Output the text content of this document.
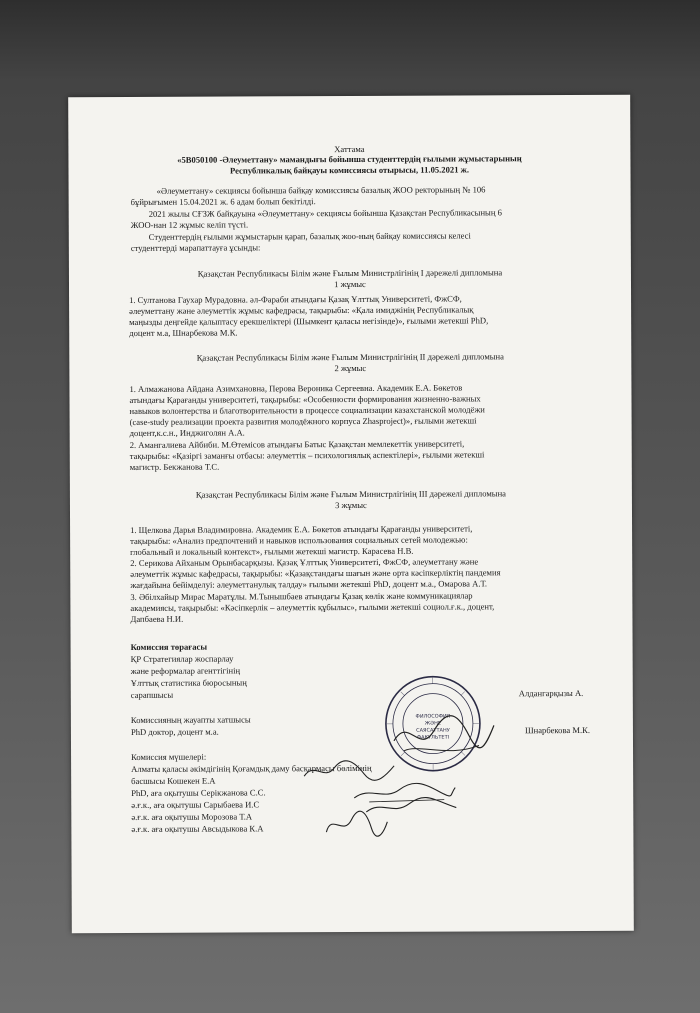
Хаттама
«5В050100 -Әлеуметтану» мамандығы бойынша студенттердің ғылыми жұмыстарының
Республикалық байқауы комиссиясы отырысы, 11.05.2021 ж.
«Әлеуметтану» секциясы бойынша байқау комиссиясы базалық ЖОО ректорының № 106
бұйрығымен 15.04.2021 ж. 6 адам болып бекітілді.
2021 жылы СҒЗЖ байқауына «Әлеуметтану» секциясы бойынша Қазақстан Республикасының 6
ЖОО-нан 12 жұмыс келіп түсті.
Студенттердің ғылыми жұмыстарын қарап, базалық жоо-ның байқау комиссиясы келесі
студенттерді марапаттауға ұсынды:
Қазақстан Республикасы Білім және Ғылым Министрлігінің I дәрежелі дипломына
1 жұмыс
1. Султанова Гаухар Мурадовна. әл-Фараби атындағы Қазақ Ұлттық Университеті, ФжСФ,
әлеуметтану және әлеуметтік жұмыс кафедрасы, тақырыбы: «Қала имиджінің Республикалық
маңызды деңгейде қалыптасу ерекшеліктері (Шымкент қаласы негізінде)», ғылыми жетекші PhD,
доцент м.а, Шнарбекова М.К.
Қазақстан Республикасы Білім және Ғылым Министрлігінің II дәрежелі дипломына
2 жұмыс
1. Алмажанова Айдана Азимхановна, Перова Вероника Сергеевна. Академик Е.А. Бөкетов
атындағы Қарағанды университеті, тақырыбы: «Особенности формирования жизненно-важных
навыков волонтерства и благотворительности в процессе социализации казахстанской молодёжи
(case-study реализации проекта развития молодёжного корпуса Zhasproject)», ғылыми жетекші
доцент,к.с.н., Инджиголян А.А.
2. Амангалиева Айбиби. М.Өтемісов атындағы Батыс Қазақстан мемлекеттік университеті,
тақырыбы: «Қазіргі заманғы отбасы: әлеуметтік – психологиялық аспектілері», ғылыми жетекші
магистр. Бекжанова Т.С.
Қазақстан Республикасы Білім және Ғылым Министрлігінің III дәрежелі дипломына
3 жұмыс
1. Щелкова Дарья Владимировна. Академик Е.А. Бөкетов атындағы Қарағанды университеті,
тақырыбы: «Анализ предпочтений и навыков использования социальных сетей молодежью:
глобальный и локальный контекст», ғылыми жетекші магистр. Карасева Н.В.
2. Серикова Айханым Орынбасарқызы. Қазақ Ұлттық Университеті, ФжСФ, әлеуметтану және
әлеуметтік жұмыс кафедрасы, тақырыбы: «Қазақстандағы шағын және орта кәсіпкерліктің пандемия
жағдайына бейімделуі: әлеуметтанулық талдау» ғылыми жетекші PhD, доцент м.а., Омарова А.Т.
3. Әбілхайыр Мирас Маратұлы. М.Тынышбаев атындағы Қазақ көлік және коммуникациялар
академиясы, тақырыбы: «Кәсіпкерлік – әлеуметтік құбылыс», ғылыми жетекші социол.ғ.к., доцент,
Дапбаева Н.И.
Комиссия төрағасы
ҚР Стратегиялар жоспарлау
және реформалар агенттігінің
Ұлттық статистика бюросының
сарапшысы	Алдангарқызы А.
Комиссияның жауапты хатшысы
PhD доктор, доцент м.а.	Шнарбекова М.К.
Комиссия мүшелері:
Алматы қаласы әкімдігінің Қоғамдық даму басқармасы бөлімінің
басшысы Кошекен Е.А
PhD, аға оқытушы Серікжанова С.С.
ә.ғ.к., аға оқытушы Сарыбаева И.С
ә.ғ.к. аға оқытушы Морозова Т.А
ә.ғ.к. аға оқытушы Авсыдыкова К.А
ФИЛОСОФИЯ
ЖӘНЕ
САЯСАТТАНУ
ФАКУЛЬТЕТІ
